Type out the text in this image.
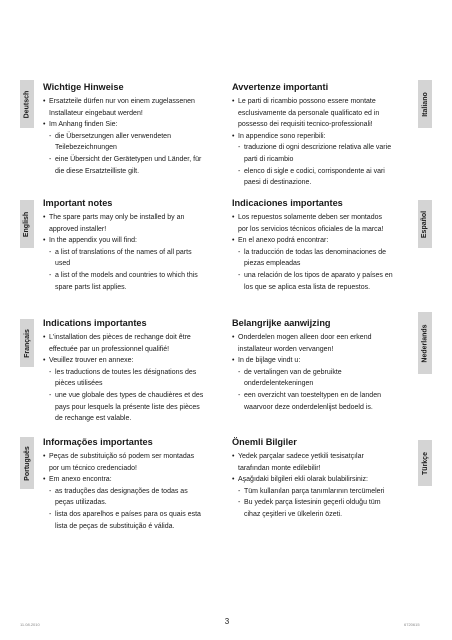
Deutsch	Italiano
English	Español
Français	Nederlands
Português	Türkçe
Wichtige Hinweise
• Ersatzteile dürfen nur von einem zugelassenen
Installateur eingebaut werden!
• Im Anhang finden Sie:
- die Übersetzungen aller verwendeten
Teilebezeichnungen
- eine Übersicht der Gerätetypen und Länder, für
die diese Ersatzteilliste gilt.
Avvertenze importanti
• Le parti di ricambio possono essere montate
esclusivamente da personale qualificato ed in
possesso dei requisiti tecnico-professionali!
• In appendice sono reperibili:
- traduzione di ogni descrizione relativa alle varie
parti di ricambio
- elenco di sigle e codici, corrispondente ai vari
paesi di destinazione.
Important notes
• The spare parts may only be installed by an
approved installer!
• In the appendix you will find:
- a list of translations of the names of all parts
used
- a list of the models and countries to which this
spare parts list applies.
Indicaciones importantes
• Los repuestos solamente deben ser montados
por los servicios técnicos oficiales de la marca!
• En el anexo podrá encontrar:
- la traducción de todas las denominaciones de
piezas empleadas
- una relación de los tipos de aparato y países en
los que se aplica esta lista de repuestos.
Indications importantes
• L'installation des pièces de rechange doit être
effectuée par un professionnel qualifié!
• Veuillez trouver en annexe:
- les traductions de toutes les désignations des
pièces utilisées
- une vue globale des types de chaudières et des
pays pour lesquels la présente liste des pièces
de rechange est valable.
Belangrijke aanwijzing
• Onderdelen mogen alleen door een erkend
installateur worden vervangen!
• In de bijlage vindt u:
- de vertalingen van de gebruikte
onderdelentekeningen
- een overzicht van toesteltypen en de landen
waarvoor deze onderdelenlijst bedoeld is.
Informações importantes
• Peças de substituição só podem ser montadas
por um técnico credenciado!
• Em anexo encontra:
- as traduções das designações de todas as
peças utilizadas.
- lista dos aparelhos e países para os quais esta
lista de peças de substituição é válida.
Önemli Bilgiler
• Yedek parçalar sadece yetkili tesisatçılar
tarafından monte edilebilir!
• Aşağıdaki bilgileri ekli olarak bulabilirsiniz:
- Tüm kullanılan parça tanımlarının tercümeleri
- Bu yedek parça listesinin geçerli olduğu tüm
cihaz çeşitleri ve ülkelerin özeti.
11.08.2010	3	6720615
